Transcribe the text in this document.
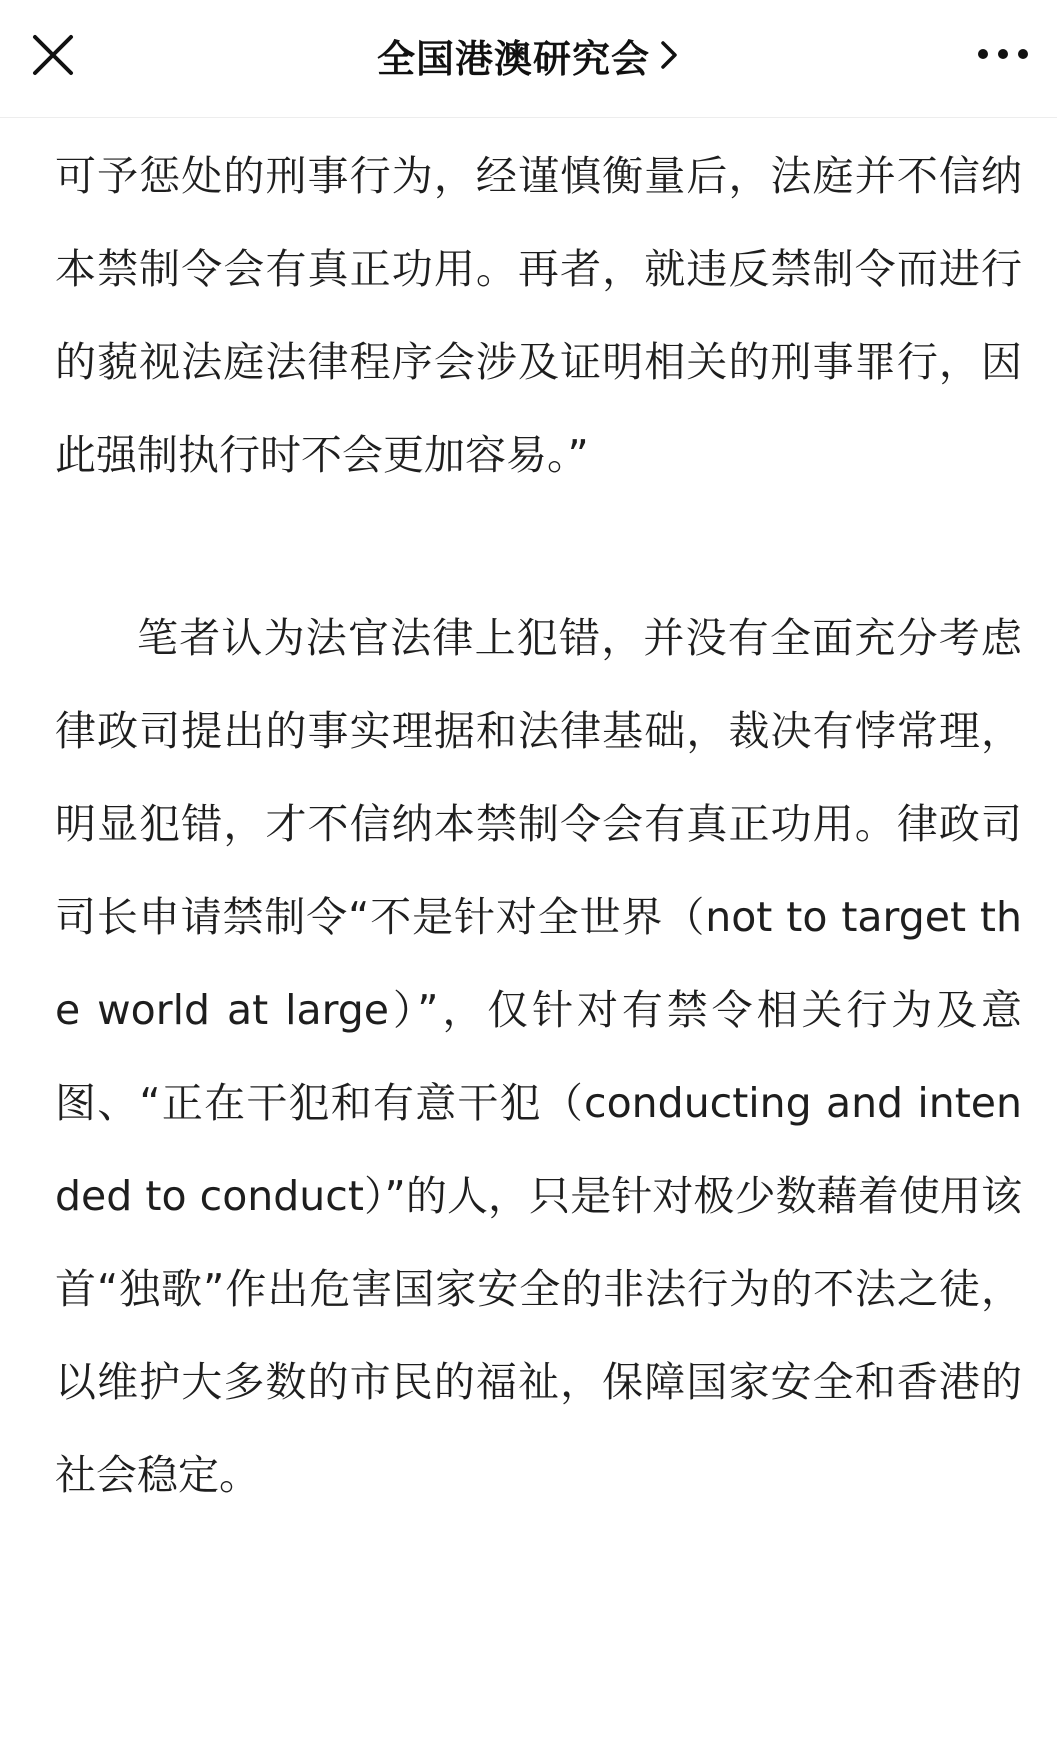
全国港澳研究会

可予惩处的刑事行为，经谨慎衡量后，法庭并不信纳本禁制令会有真正功用。再者，就违反禁制令而进行的藐视法庭法律程序会涉及证明相关的刑事罪行，因此强制执行时不会更加容易。”

笔者认为法官法律上犯错，并没有全面充分考虑律政司提出的事实理据和法律基础，裁决有悖常理，明显犯错，才不信纳本禁制令会有真正功用。律政司司长申请禁制令“不是针对全世界（not to target the world at large）”，仅针对有禁令相关行为及意图、“正在干犯和有意干犯（conducting and intended to conduct）”的人，只是针对极少数藉着使用该首“独歌”作出危害国家安全的非法行为的不法之徒，以维护大多数的市民的福祉，保障国家安全和香港的社会稳定。
